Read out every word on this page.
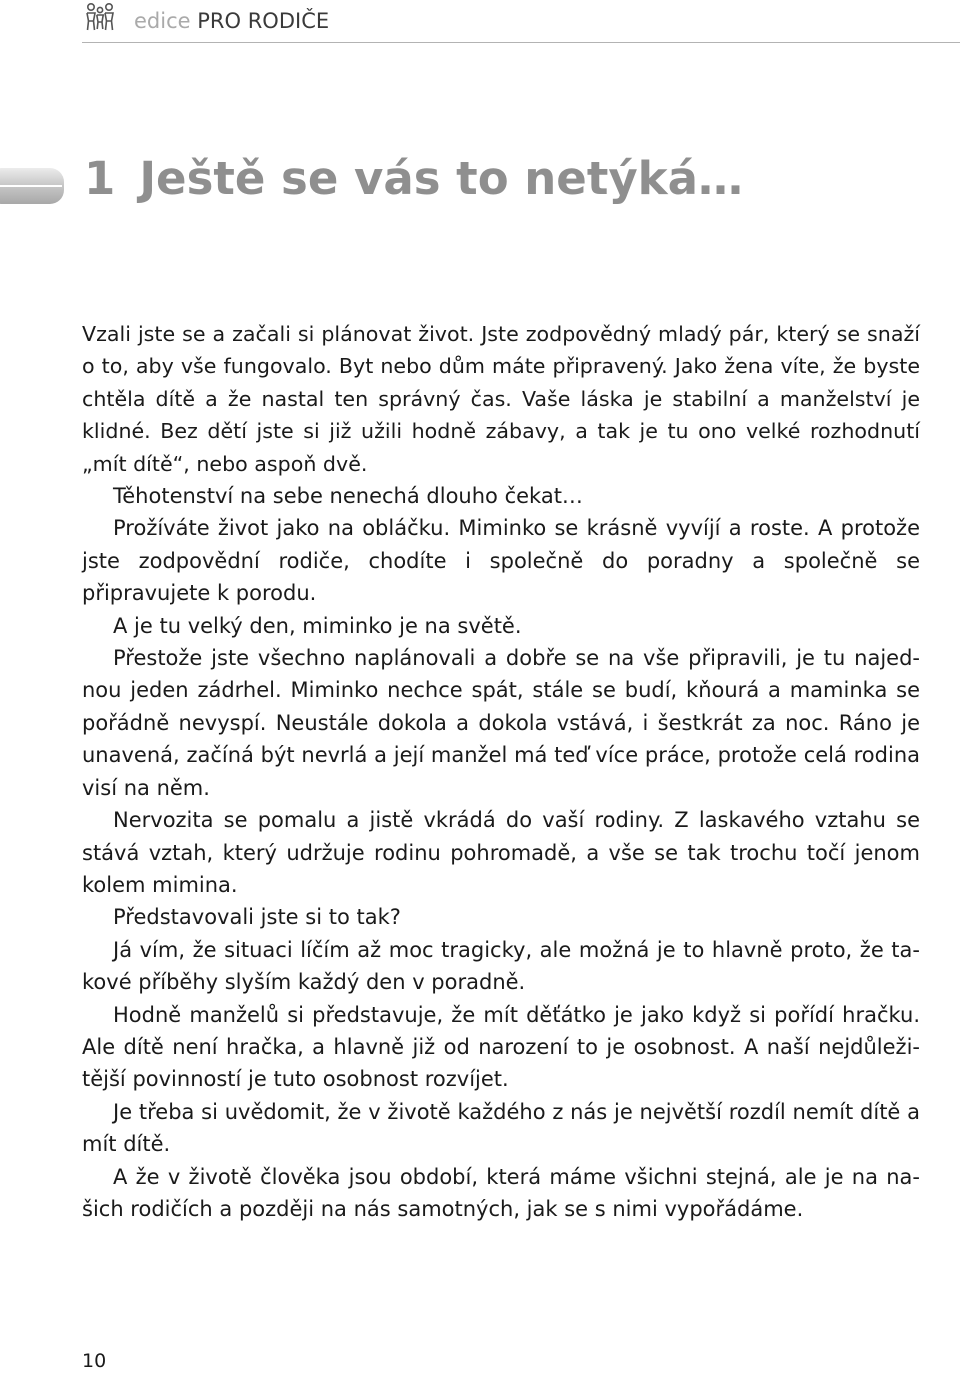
edice PRO RODIČE
1 Ještě se vás to netýká…

Vzali jste se a začali si plánovat život. Jste zodpovědný mladý pár, který se snaží o to, aby vše fungovalo. Byt nebo dům máte připravený. Jako žena víte, že byste chtěla dítě a že nastal ten správný čas. Vaše láska je stabilní a manželství je klidné. Bez dětí jste si již užili hodně zábavy, a tak je tu ono velké rozhodnutí „mít dítě“, nebo aspoň dvě.

Těhotenství na sebe nenechá dlouho čekat…

Prožíváte život jako na obláčku. Miminko se krásně vyvíjí a roste. A protože jste zodpovědní rodiče, chodíte i společně do poradny a společně se připravujete k porodu.

A je tu velký den, miminko je na světě.

Přestože jste všechno naplánovali a dobře se na vše připravili, je tu najednou jeden zádrhel. Miminko nechce spát, stále se budí, kňourá a maminka se pořádně nevyspí. Neustále dokola a dokola vstává, i šestkrát za noc. Ráno je unavená, začíná být nevrlá a její manžel má teď více práce, protože celá rodina visí na něm.

Nervozita se pomalu a jistě vkrádá do vaší rodiny. Z laskavého vztahu se stává vztah, který udržuje rodinu pohromadě, a vše se tak trochu točí jenom kolem mimina.

Představovali jste si to tak?

Já vím, že situaci líčím až moc tragicky, ale možná je to hlavně proto, že takové příběhy slyším každý den v poradně.

Hodně manželů si představuje, že mít děťátko je jako když si pořídí hračku. Ale dítě není hračka, a hlavně již od narození to je osobnost. A naší nejdůležitější povinností je tuto osobnost rozvíjet.

Je třeba si uvědomit, že v životě každého z nás je největší rozdíl nemít dítě a mít dítě.

A že v životě člověka jsou období, která máme všichni stejná, ale je na našich rodičích a později na nás samotných, jak se s nimi vypořádáme.

10
